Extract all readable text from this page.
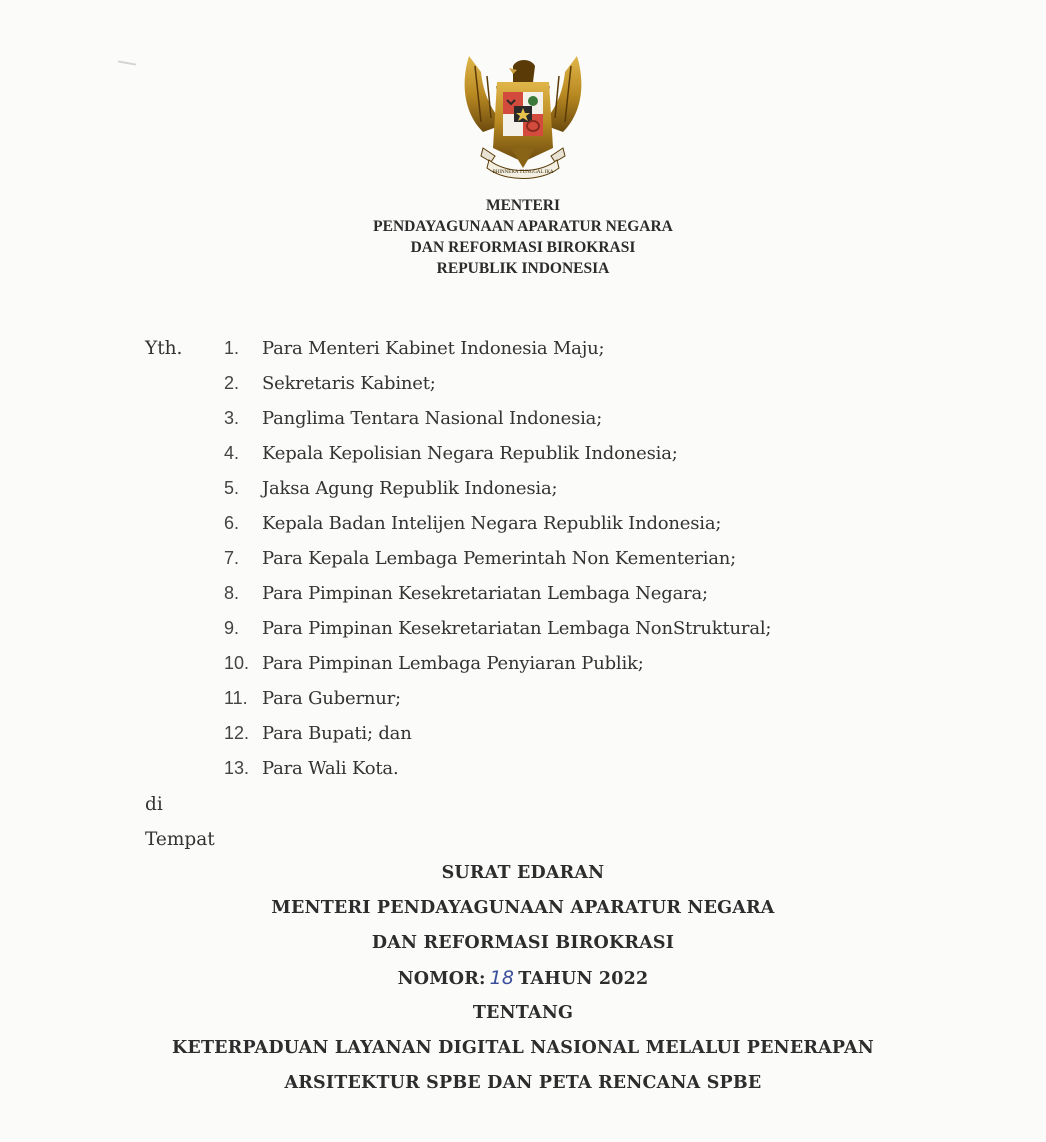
BHINNEKA TUNGGAL IKA
MENTERI
PENDAYAGUNAAN APARATUR NEGARA
DAN REFORMASI BIROKRASI
REPUBLIK INDONESIA
Yth. 1. Para Menteri Kabinet Indonesia Maju;
2. Sekretaris Kabinet;
3. Panglima Tentara Nasional Indonesia;
4. Kepala Kepolisian Negara Republik Indonesia;
5. Jaksa Agung Republik Indonesia;
6. Kepala Badan Intelijen Negara Republik Indonesia;
7. Para Kepala Lembaga Pemerintah Non Kementerian;
8. Para Pimpinan Kesekretariatan Lembaga Negara;
9. Para Pimpinan Kesekretariatan Lembaga NonStruktural;
10. Para Pimpinan Lembaga Penyiaran Publik;
11. Para Gubernur;
12. Para Bupati; dan
13. Para Wali Kota.
di
Tempat
SURAT EDARAN
MENTERI PENDAYAGUNAAN APARATUR NEGARA
DAN REFORMASI BIROKRASI
NOMOR: 18 TAHUN 2022
TENTANG
KETERPADUAN LAYANAN DIGITAL NASIONAL MELALUI PENERAPAN
ARSITEKTUR SPBE DAN PETA RENCANA SPBE
